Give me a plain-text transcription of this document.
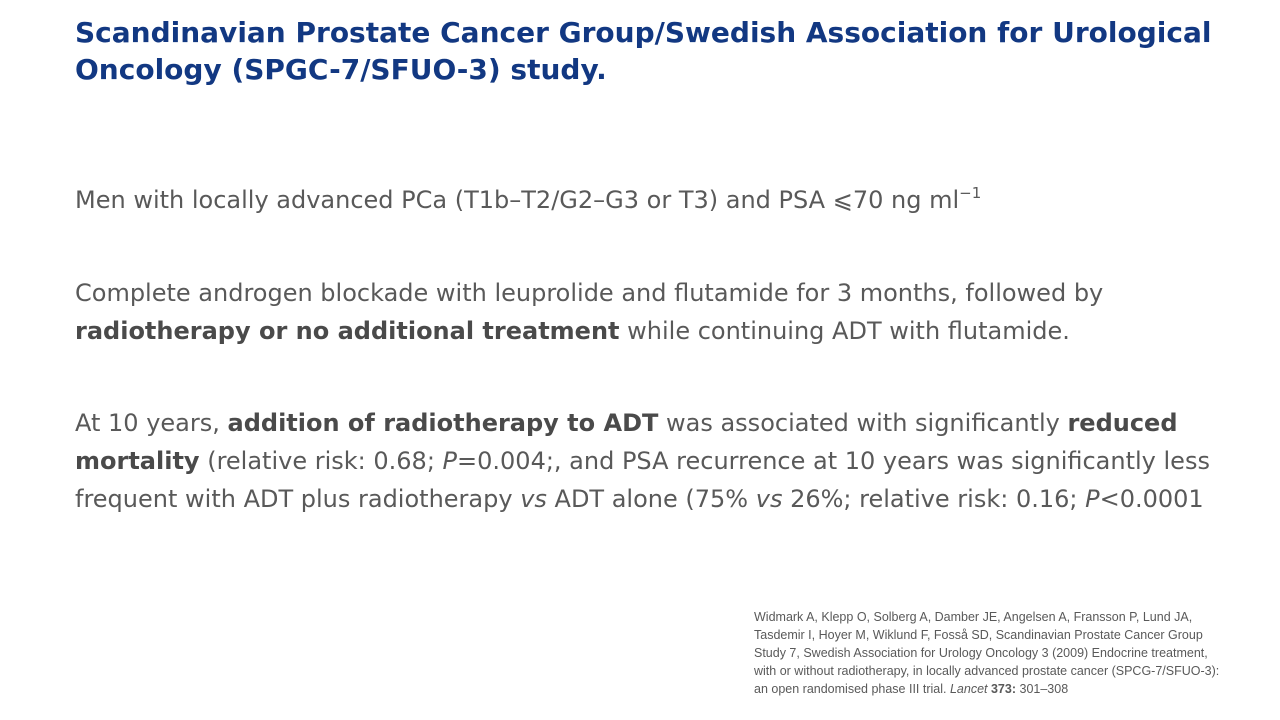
Scandinavian Prostate Cancer Group/Swedish Association for Urological Oncology (SPGC-7/SFUO-3) study.

Men with locally advanced PCa (T1b–T2/G2–G3 or T3) and PSA ⩽70 ng $ml^{-1}$

Complete androgen blockade with leuprolide and flutamide for 3 months, followed by radiotherapy or no additional treatment while continuing ADT with flutamide.

At 10 years, addition of radiotherapy to ADT was associated with significantly reduced mortality (relative risk: 0.68; P=0.004;, and PSA recurrence at 10 years was significantly less frequent with ADT plus radiotherapy vs ADT alone (75% vs 26%; relative risk: 0.16; P<0.0001

Widmark A, Klepp O, Solberg A, Damber JE, Angelsen A, Fransson P, Lund JA, Tasdemir I, Hoyer M, Wiklund F, Fosså SD, Scandinavian Prostate Cancer Group Study 7, Swedish Association for Urology Oncology 3 (2009) Endocrine treatment, with or without radiotherapy, in locally advanced prostate cancer (SPCG-7/SFUO-3): an open randomised phase III trial. Lancet 373: 301–308
